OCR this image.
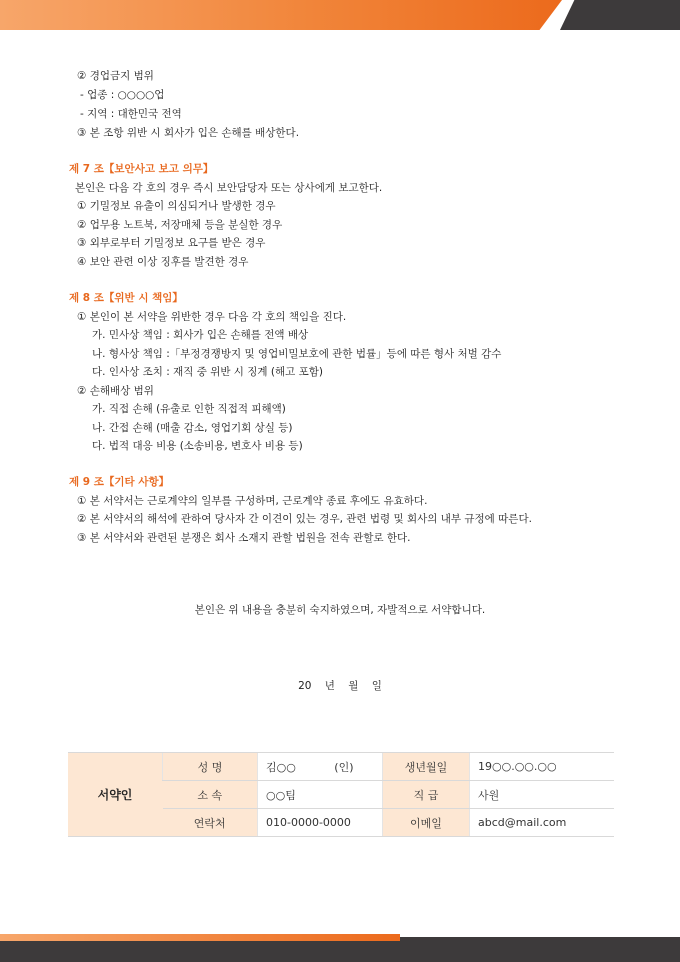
② 경업금지 범위
- 업종 : ○○○○업
- 지역 : 대한민국 전역
③ 본 조항 위반 시 회사가 입은 손해를 배상한다.
제 7 조【보안사고 보고 의무】
본인은 다음 각 호의 경우 즉시 보안담당자 또는 상사에게 보고한다.
① 기밀정보 유출이 의심되거나 발생한 경우
② 업무용 노트북, 저장매체 등을 분실한 경우
③ 외부로부터 기밀정보 요구를 받은 경우
④ 보안 관련 이상 징후를 발견한 경우
제 8 조【위반 시 책임】
① 본인이 본 서약을 위반한 경우 다음 각 호의 책임을 진다.
가. 민사상 책임 : 회사가 입은 손해를 전액 배상
나. 형사상 책임 :「부정경쟁방지 및 영업비밀보호에 관한 법률」등에 따른 형사 처벌 감수
다. 인사상 조치 : 재직 중 위반 시 징계 (해고 포함)
② 손해배상 범위
가. 직접 손해 (유출로 인한 직접적 피해액)
나. 간접 손해 (매출 감소, 영업기회 상실 등)
다. 법적 대응 비용 (소송비용, 변호사 비용 등)
제 9 조【기타 사항】
① 본 서약서는 근로계약의 일부를 구성하며, 근로계약 종료 후에도 유효하다.
② 본 서약서의 해석에 관하여 당사자 간 이견이 있는 경우, 관련 법령 및 회사의 내부 규정에 따른다.
③ 본 서약서와 관련된 분쟁은 회사 소재지 관할 법원을 전속 관할로 한다.
본인은 위 내용을 충분히 숙지하였으며, 자발적으로 서약합니다.
20    년    월    일
서약인	성 명	김○○           (인)	생년월일	19○○.○○.○○
	소 속	○○팀	직 급	사원
	연락처	010-0000-0000	이메일	abcd@mail.com
